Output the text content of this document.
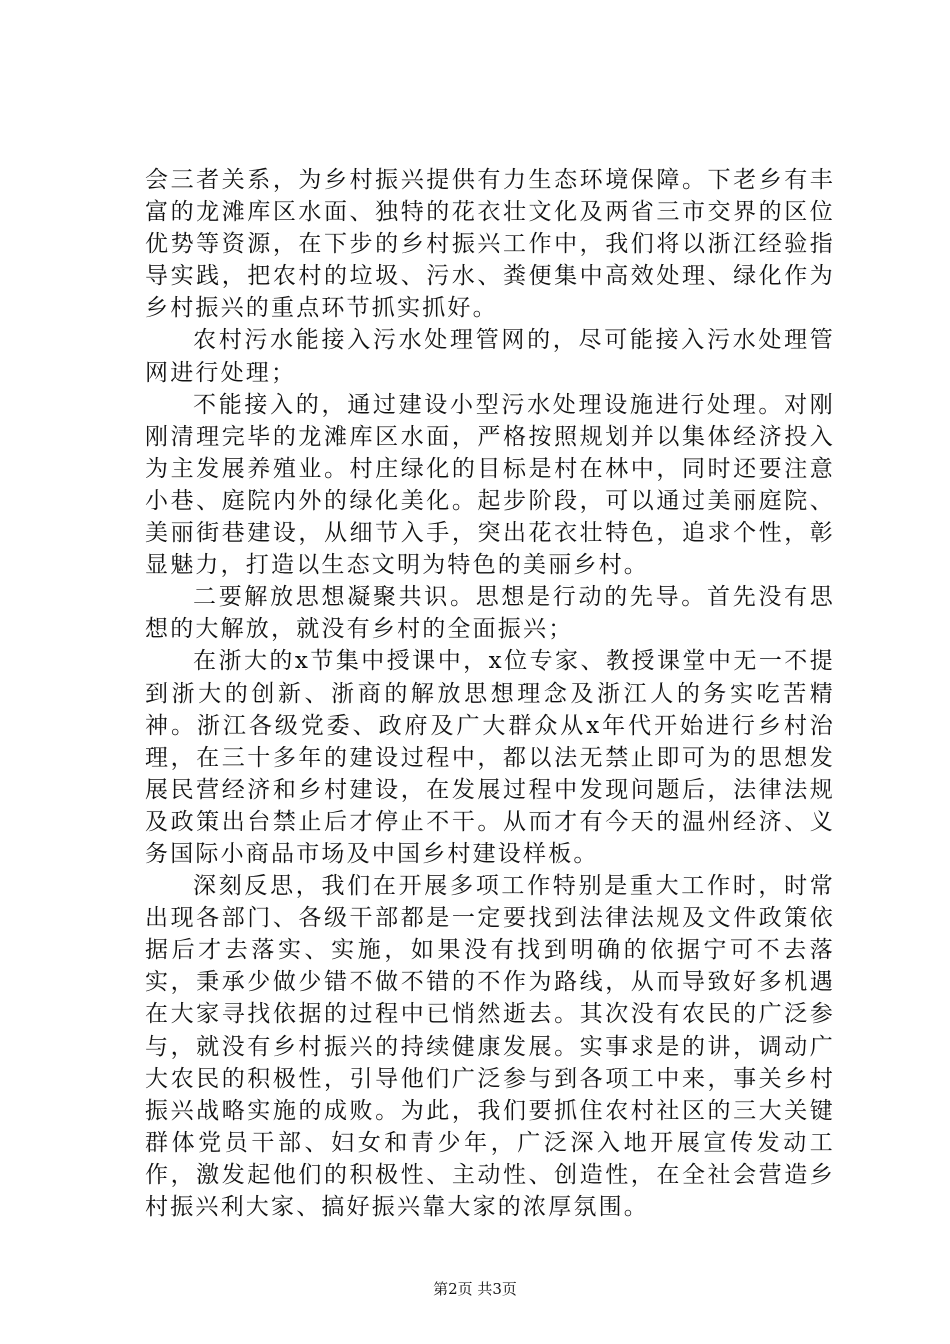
会三者关系，为乡村振兴提供有力生态环境保障。下老乡有丰富的龙滩库区水面、独特的花衣壮文化及两省三市交界的区位优势等资源，在下步的乡村振兴工作中，我们将以浙江经验指导实践，把农村的垃圾、污水、粪便集中高效处理、绿化作为乡村振兴的重点环节抓实抓好。

农村污水能接入污水处理管网的，尽可能接入污水处理管网进行处理；

不能接入的，通过建设小型污水处理设施进行处理。对刚刚清理完毕的龙滩库区水面，严格按照规划并以集体经济投入为主发展养殖业。村庄绿化的目标是村在林中，同时还要注意小巷、庭院内外的绿化美化。起步阶段，可以通过美丽庭院、美丽街巷建设，从细节入手，突出花衣壮特色，追求个性，彰显魅力，打造以生态文明为特色的美丽乡村。

二要解放思想凝聚共识。思想是行动的先导。首先没有思想的大解放，就没有乡村的全面振兴；

在浙大的x节集中授课中，x位专家、教授课堂中无一不提到浙大的创新、浙商的解放思想理念及浙江人的务实吃苦精神。浙江各级党委、政府及广大群众从x年代开始进行乡村治理，在三十多年的建设过程中，都以法无禁止即可为的思想发展民营经济和乡村建设，在发展过程中发现问题后，法律法规及政策出台禁止后才停止不干。从而才有今天的温州经济、义务国际小商品市场及中国乡村建设样板。

深刻反思，我们在开展多项工作特别是重大工作时，时常出现各部门、各级干部都是一定要找到法律法规及文件政策依据后才去落实、实施，如果没有找到明确的依据宁可不去落实，秉承少做少错不做不错的不作为路线，从而导致好多机遇在大家寻找依据的过程中已悄然逝去。其次没有农民的广泛参与，就没有乡村振兴的持续健康发展。实事求是的讲，调动广大农民的积极性，引导他们广泛参与到各项工中来，事关乡村振兴战略实施的成败。为此，我们要抓住农村社区的三大关键群体党员干部、妇女和青少年，广泛深入地开展宣传发动工作，激发起他们的积极性、主动性、创造性，在全社会营造乡村振兴利大家、搞好振兴靠大家的浓厚氛围。

第2页 共3页
